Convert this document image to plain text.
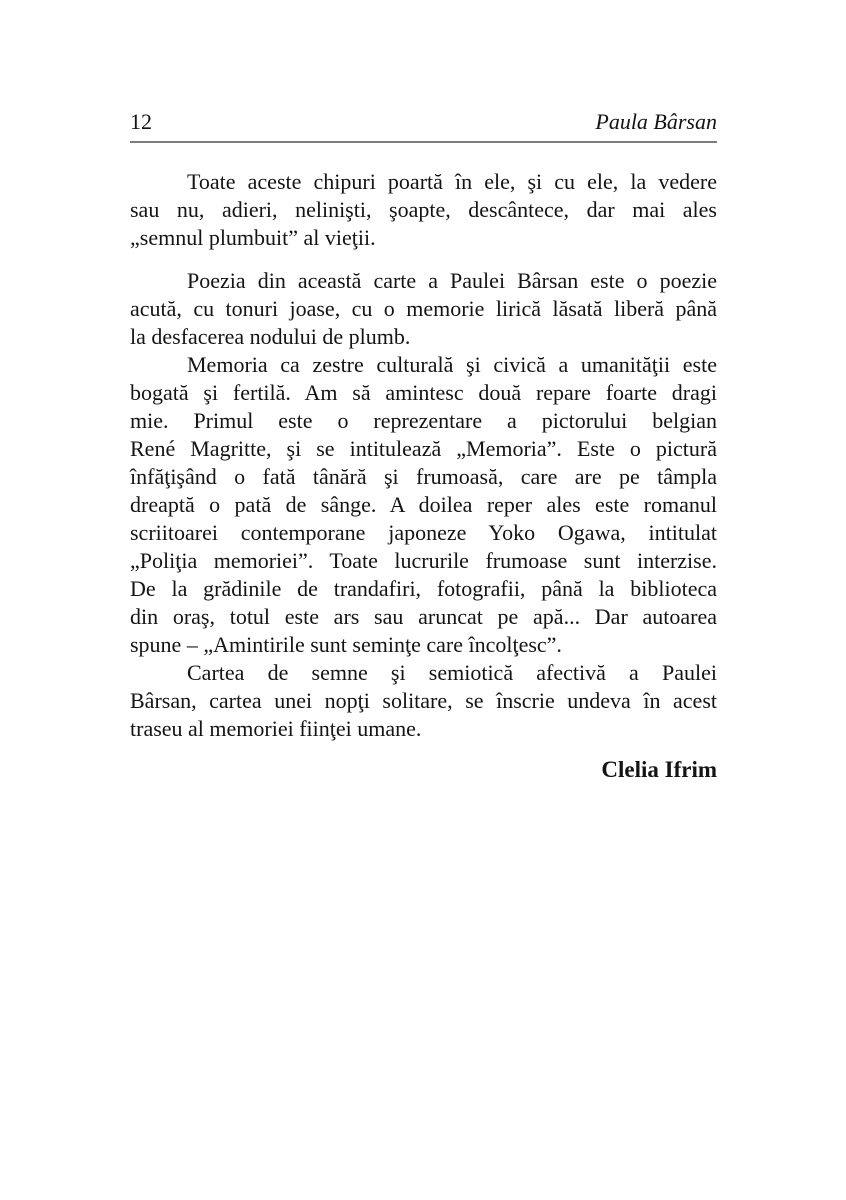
12	Paula Bârsan
Toate aceste chipuri poartă în ele, şi cu ele, la vedere
sau nu, adieri, nelinişti, şoapte, descântece, dar mai ales
„semnul plumbuit” al vieţii.
Poezia din această carte a Paulei Bârsan este o poezie
acută, cu tonuri joase, cu o memorie lirică lăsată liberă până
la desfacerea nodului de plumb.
Memoria ca zestre culturală şi civică a umanităţii este
bogată şi fertilă. Am să amintesc două repare foarte dragi
mie. Primul este o reprezentare a pictorului belgian
René Magritte, şi se intitulează „Memoria”. Este o pictură
înfăţişând o fată tânără şi frumoasă, care are pe tâmpla
dreaptă o pată de sânge. A doilea reper ales este romanul
scriitoarei contemporane japoneze Yoko Ogawa, intitulat
„Poliţia memoriei”. Toate lucrurile frumoase sunt interzise.
De la grădinile de trandafiri, fotografii, până la biblioteca
din oraş, totul este ars sau aruncat pe apă... Dar autoarea
spune – „Amintirile sunt seminţe care încolţesc”.
Cartea de semne şi semiotică afectivă a Paulei
Bârsan, cartea unei nopţi solitare, se înscrie undeva în acest
traseu al memoriei fiinţei umane.
Clelia Ifrim
